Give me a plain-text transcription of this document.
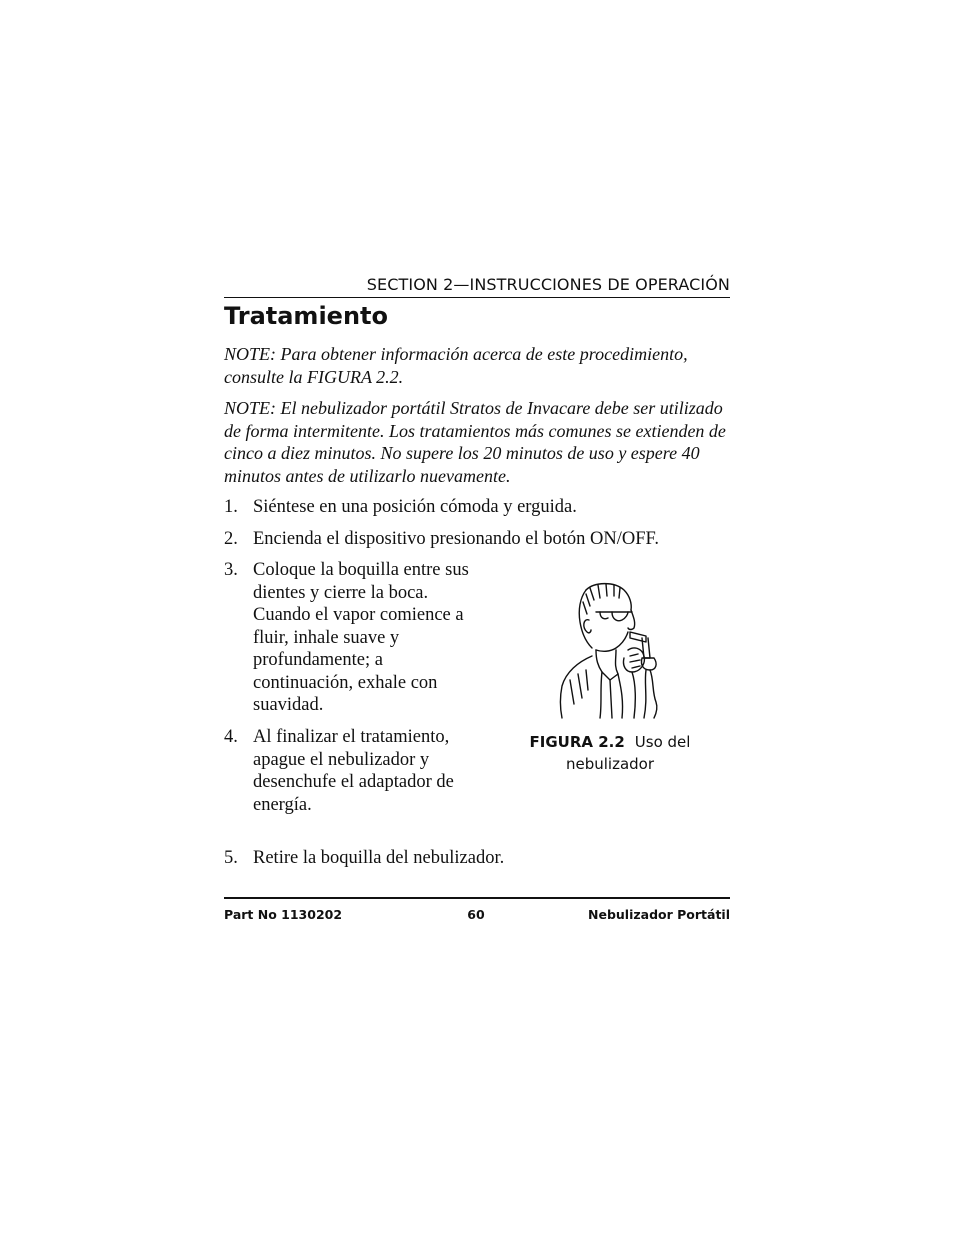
SECTION 2—INSTRUCCIONES DE OPERACIÓN
Tratamiento
NOTE: Para obtener información acerca de este procedimiento, consulte la FIGURA 2.2.
NOTE: El nebulizador portátil Stratos de Invacare debe ser utilizado de forma intermitente. Los tratamientos más comunes se extienden de cinco a diez minutos. No supere los 20 minutos de uso y espere 40 minutos antes de utilizarlo nuevamente.
1. Siéntese en una posición cómoda y erguida.
2. Encienda el dispositivo presionando el botón ON/OFF.
3. Coloque la boquilla entre sus dientes y cierre la boca. Cuando el vapor comience a fluir, inhale suave y profundamente; a continuación, exhale con suavidad.
4. Al finalizar el tratamiento, apague el nebulizador y desenchufe el adaptador de energía.
5. Retire la boquilla del nebulizador.
FIGURA 2.2 Uso del nebulizador
Part No 1130202	60	Nebulizador Portátil
